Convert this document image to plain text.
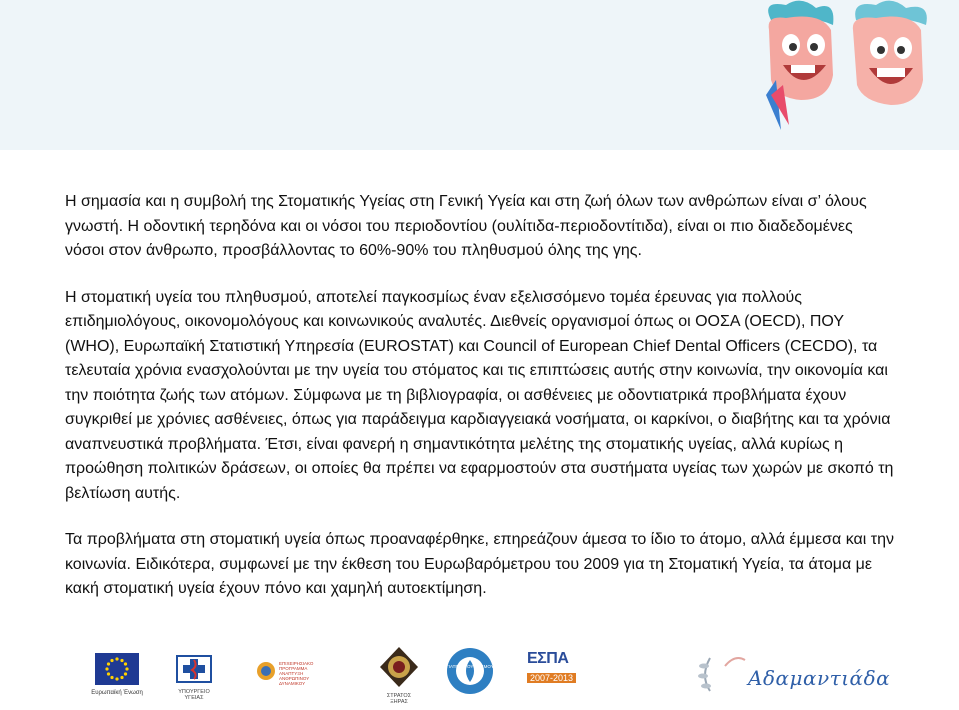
Η σημασία και η συμβολή της Στοματικής Υγείας στη Γενική Υγεία και στη ζωή όλων των ανθρώπων είναι σ’ όλους γνωστή. Η οδοντική τερηδόνα και οι νόσοι του περιοδοντίου (ουλίτιδα-περιοδοντίτιδα), είναι οι πιο διαδεδομένες νόσοι στον άνθρωπο, προσβάλλοντας το 60%-90% του πληθυσμού όλης της γης.

Η στοματική υγεία του πληθυσμού, αποτελεί παγκοσμίως έναν εξελισσόμενο τομέα έρευνας για πολλούς επιδημιολόγους, οικονομολόγους και κοινωνικούς αναλυτές. Διεθνείς οργανισμοί όπως οι ΟΟΣΑ (OECD), ΠΟΥ (WHO), Ευρωπαϊκή Στατιστική Υπηρεσία (EUROSTAT) και Council of European Chief Dental Officers (CECDO), τα τελευταία χρόνια ενασχολούνται με την υγεία του στόματος και τις επιπτώσεις αυτής στην κοινωνία, την οικονομία και την ποιότητα ζωής των ατόμων. Σύμφωνα με τη βιβλιογραφία, οι ασθένειες με οδοντιατρικά προβλήματα έχουν συγκριθεί με χρόνιες ασθένειες, όπως για παράδειγμα καρδιαγγειακά νοσήματα, οι καρκίνοι, ο διαβήτης και τα χρόνια αναπνευστικά προβλήματα. Έτσι, είναι φανερή η σημαντικότητα μελέτης της στοματικής υγείας, αλλά κυρίως η προώθηση πολιτικών δράσεων, οι οποίες θα πρέπει να εφαρμοστούν στα συστήματα υγείας των χωρών με σκοπό τη βελτίωση αυτής.

Τα προβλήματα στη στοματική υγεία όπως προαναφέρθηκε, επηρεάζουν άμεσα το ίδιο το άτομο, αλλά έμμεσα και την κοινωνία. Ειδικότερα, συμφωνεί με την έκθεση του Ευρωβαρόμετρου του 2009 για τη Στοματική Υγεία, τα άτομα με κακή στοματική υγεία έχουν πόνο και χαμηλή αυτοεκτίμηση.

Ευρωπαϊκή Ένωση	ΥΠΟΥΡΓΕΙΟ ΥΓΕΙΑΣ
ΕΠΙΧΕΙΡΗΣΙΑΚΟ ΠΡΟΓΡΑΜΜΑ ΑΝΑΠΤΥΞΗ ΑΝΘΡΩΠΙΝΟΥ ΔΥΝΑΜΙΚΟΥ
ΣΤΡΑΤΟΣ ΞΗΡΑΣ
ΓΙΑΤΡΟΙ ΤΟΥ ΚΟΣΜΟΥ ΕΣΠΑ
2007-2013	Αδαμαντιάδα
